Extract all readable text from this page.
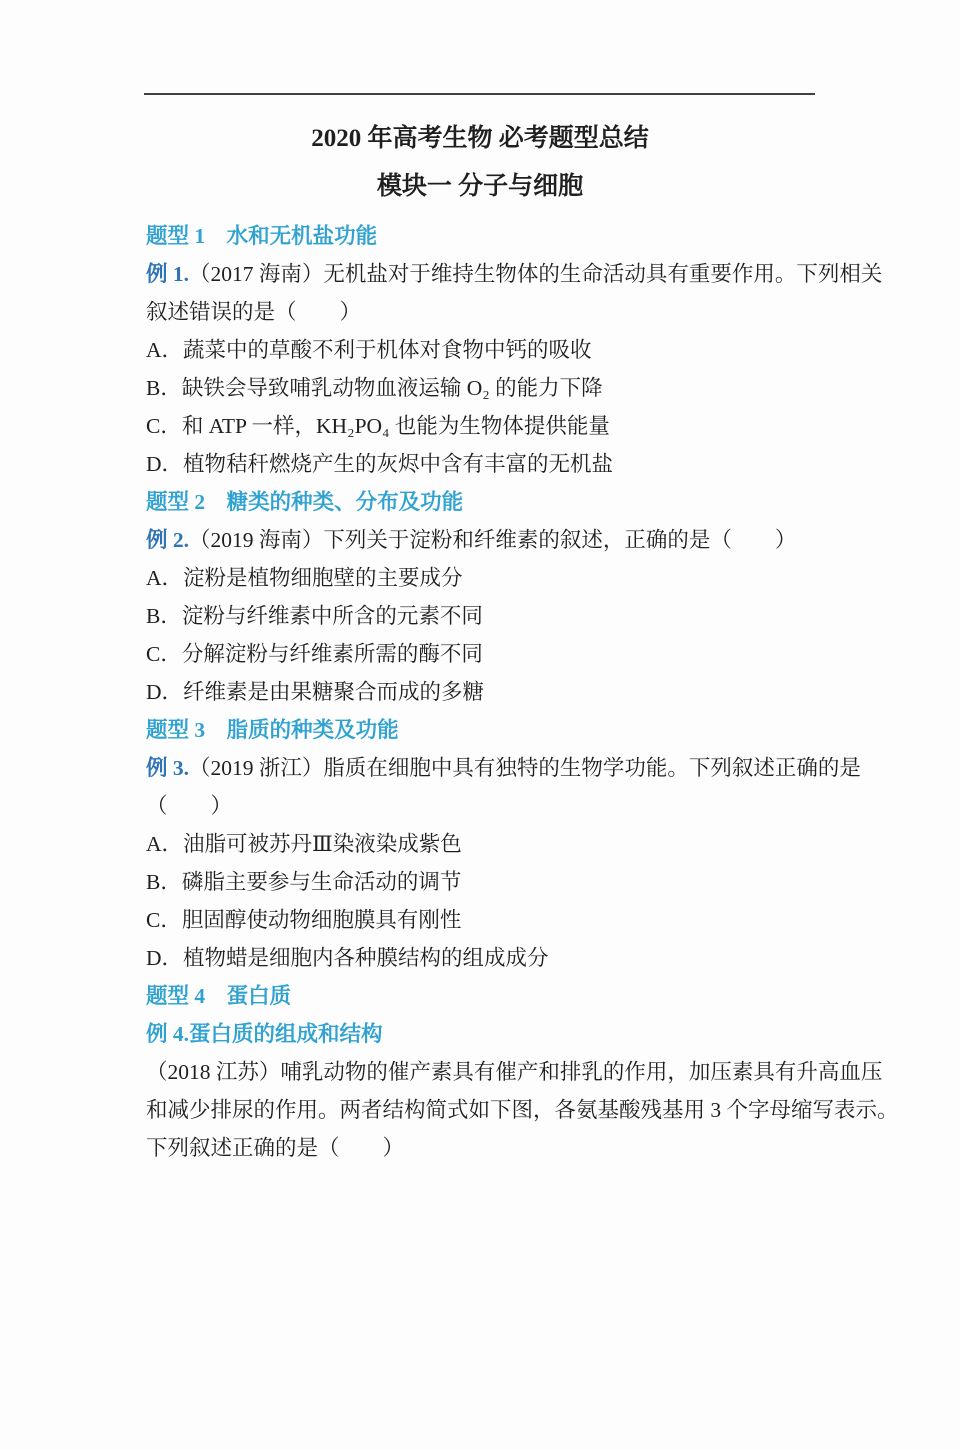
2020 年高考生物 必考题型总结
模块一 分子与细胞
题型 1　水和无机盐功能
例 1.（2017 海南）无机盐对于维持生物体的生命活动具有重要作用。下列相关
叙述错误的是（　　）
A．蔬菜中的草酸不利于机体对食物中钙的吸收
B．缺铁会导致哺乳动物血液运输 O₂ 的能力下降
C．和 ATP 一样，KH₂PO₄ 也能为生物体提供能量
D．植物秸秆燃烧产生的灰烬中含有丰富的无机盐
题型 2　糖类的种类、分布及功能
例 2.（2019 海南）下列关于淀粉和纤维素的叙述，正确的是（　　）
A．淀粉是植物细胞壁的主要成分
B．淀粉与纤维素中所含的元素不同
C．分解淀粉与纤维素所需的酶不同
D．纤维素是由果糖聚合而成的多糖
题型 3　脂质的种类及功能
例 3.（2019 浙江）脂质在细胞中具有独特的生物学功能。下列叙述正确的是
（　　）
A．油脂可被苏丹Ⅲ染液染成紫色
B．磷脂主要参与生命活动的调节
C．胆固醇使动物细胞膜具有刚性
D．植物蜡是细胞内各种膜结构的组成成分
题型 4　蛋白质
例 4.蛋白质的组成和结构
（2018 江苏）哺乳动物的催产素具有催产和排乳的作用，加压素具有升高血压
和减少排尿的作用。两者结构简式如下图，各氨基酸残基用 3 个字母缩写表示。
下列叙述正确的是（　　）
